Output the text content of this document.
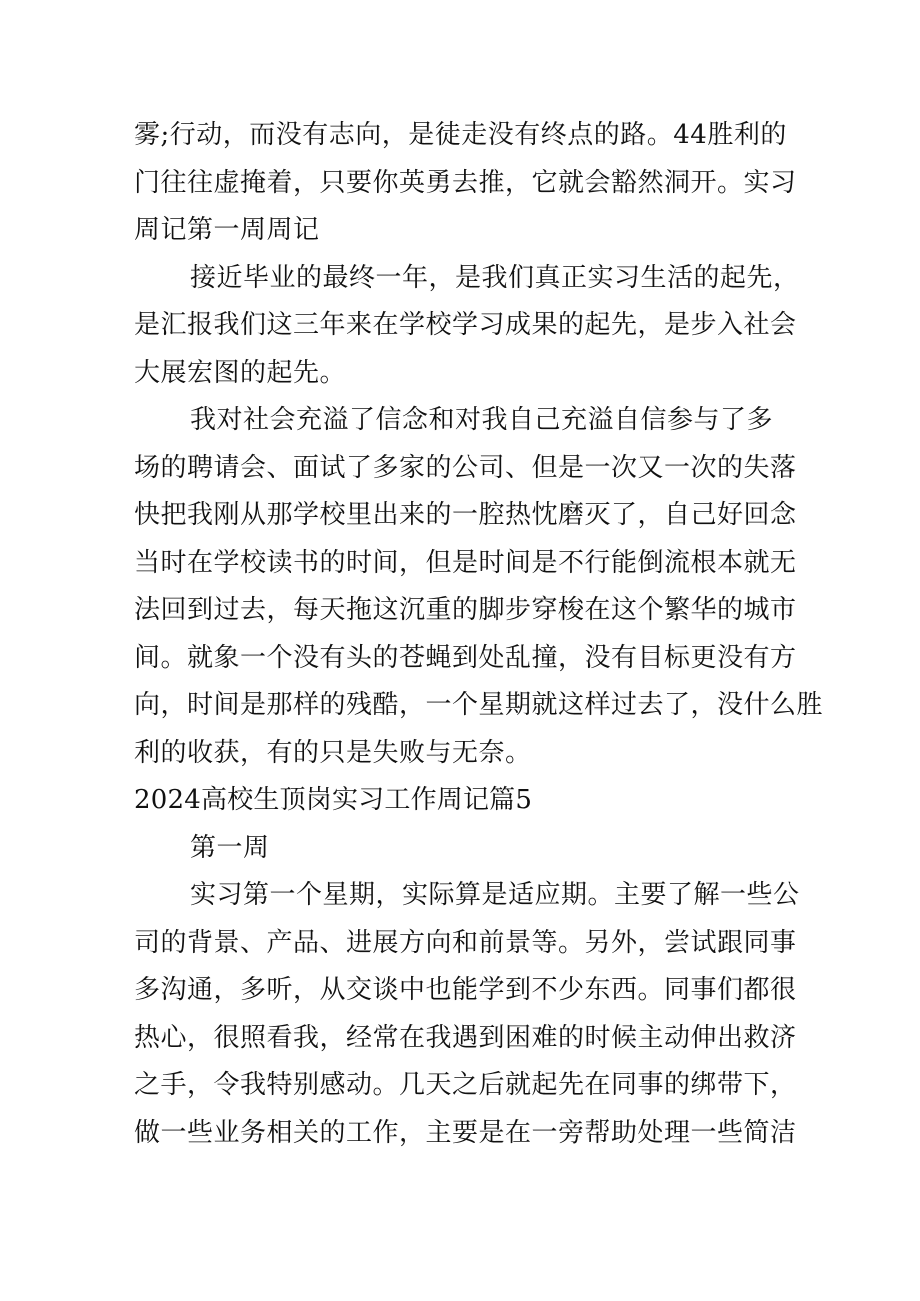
雾;行动，而没有志向，是徒走没有终点的路。44胜利的
门往往虚掩着，只要你英勇去推，它就会豁然洞开。实习
周记第一周周记
接近毕业的最终一年，是我们真正实习生活的起先，
是汇报我们这三年来在学校学习成果的起先，是步入社会
大展宏图的起先。
我对社会充溢了信念和对我自己充溢自信参与了多
场的聘请会、面试了多家的公司、但是一次又一次的失落
快把我刚从那学校里出来的一腔热忱磨灭了，自己好回念
当时在学校读书的时间，但是时间是不行能倒流根本就无
法回到过去，每天拖这沉重的脚步穿梭在这个繁华的城市
间。就象一个没有头的苍蝇到处乱撞，没有目标更没有方
向，时间是那样的残酷，一个星期就这样过去了，没什么胜
利的收获，有的只是失败与无奈。
2024高校生顶岗实习工作周记篇5
第一周
实习第一个星期，实际算是适应期。主要了解一些公
司的背景、产品、进展方向和前景等。另外，尝试跟同事
多沟通，多听，从交谈中也能学到不少东西。同事们都很
热心，很照看我，经常在我遇到困难的时候主动伸出救济
之手，令我特别感动。几天之后就起先在同事的绑带下，
做一些业务相关的工作，主要是在一旁帮助处理一些简洁
